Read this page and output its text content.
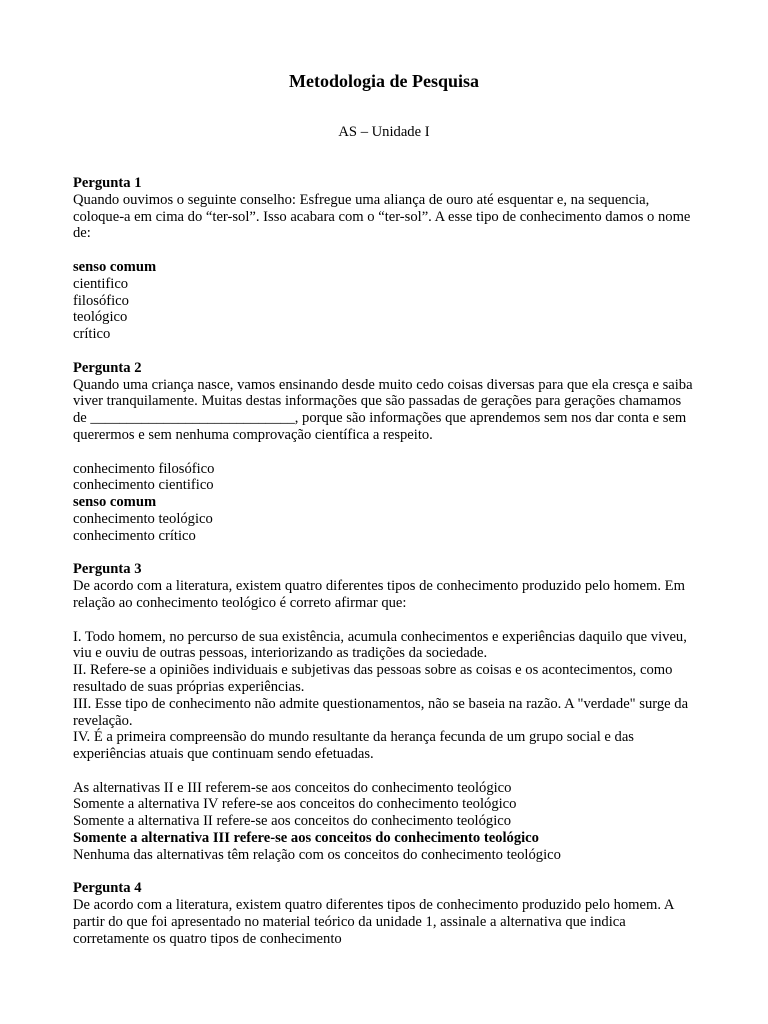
Metodologia de Pesquisa
AS – Unidade I
Pergunta 1

Quando ouvimos o seguinte conselho: Esfregue uma aliança de ouro até esquentar e, na sequencia, coloque-a em cima do “ter-sol”. Isso acabara com o “ter-sol”. A esse tipo de conhecimento damos o nome de:

senso comum
cientifico
filosófico
teológico
crítico
Pergunta 2

Quando uma criança nasce, vamos ensinando desde muito cedo coisas diversas para que ela cresça e saiba viver tranquilamente. Muitas destas informações que são passadas de gerações para gerações chamamos de ____________________________, porque são informações que aprendemos sem nos dar conta e sem querermos e sem nenhuma comprovação científica a respeito.

conhecimento filosófico
conhecimento cientifico
senso comum
conhecimento teológico
conhecimento crítico
Pergunta 3

De acordo com a literatura, existem quatro diferentes tipos de conhecimento produzido pelo homem. Em relação ao conhecimento teológico é correto afirmar que:

I. Todo homem, no percurso de sua existência, acumula conhecimentos e experiências daquilo que viveu, viu e ouviu de outras pessoas, interiorizando as tradições da sociedade.
II. Refere-se a opiniões individuais e subjetivas das pessoas sobre as coisas e os acontecimentos, como resultado de suas próprias experiências.
III. Esse tipo de conhecimento não admite questionamentos, não se baseia na razão. A "verdade" surge da revelação.
IV. É a primeira compreensão do mundo resultante da herança fecunda de um grupo social e das experiências atuais que continuam sendo efetuadas.
As alternativas II e III referem-se aos conceitos do conhecimento teológico
Somente a alternativa IV refere-se aos conceitos do conhecimento teológico
Somente a alternativa II refere-se aos conceitos do conhecimento teológico
Somente a alternativa III refere-se aos conceitos do conhecimento teológico
Nenhuma das alternativas têm relação com os conceitos do conhecimento teológico
Pergunta 4

De acordo com a literatura, existem quatro diferentes tipos de conhecimento produzido pelo homem. A partir do que foi apresentado no material teórico da unidade 1, assinale a alternativa que indica corretamente os quatro tipos de conhecimento
